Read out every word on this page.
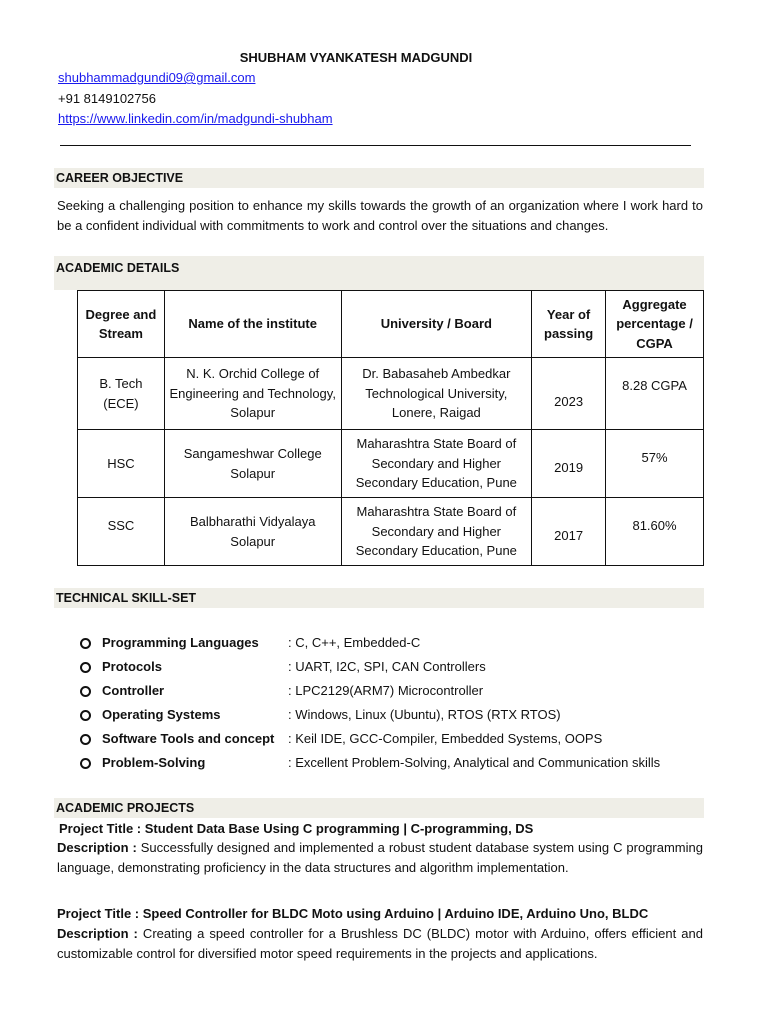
SHUBHAM VYANKATESH MADGUNDI
shubhammadgundi09@gmail.com
+91 8149102756
https://www.linkedin.com/in/madgundi-shubham
CAREER OBJECTIVE
Seeking a challenging position to enhance my skills towards the growth of an organization where I work hard to be a confident individual with commitments to work and control over the situations and changes.
ACADEMIC DETAILS
Degree and Stream	Name of the institute	University / Board	Year of passing	Aggregate percentage / CGPA
B. Tech (ECE)	N. K. Orchid College of Engineering and Technology, Solapur	Dr. Babasaheb Ambedkar Technological University, Lonere, Raigad	2023	8.28 CGPA
HSC	Sangameshwar College Solapur	Maharashtra State Board of Secondary and Higher Secondary Education, Pune	2019	57%
SSC	Balbharathi Vidyalaya Solapur	Maharashtra State Board of Secondary and Higher Secondary Education, Pune	2017	81.60%
TECHNICAL SKILL-SET
Programming Languages	: C, C++, Embedded-C
Protocols	: UART, I2C, SPI, CAN Controllers
Controller	: LPC2129(ARM7) Microcontroller
Operating Systems	: Windows, Linux (Ubuntu), RTOS (RTX RTOS)
Software Tools and concept	: Keil IDE, GCC-Compiler, Embedded Systems, OOPS
Problem-Solving	: Excellent Problem-Solving, Analytical and Communication skills
ACADEMIC PROJECTS
Project Title : Student Data Base Using C programming | C-programming, DS
Description : Successfully designed and implemented a robust student database system using C programming language, demonstrating proficiency in the data structures and algorithm implementation.
Project Title : Speed Controller for BLDC Moto using Arduino | Arduino IDE, Arduino Uno, BLDC
Description : Creating a speed controller for a Brushless DC (BLDC) motor with Arduino, offers efficient and customizable control for diversified motor speed requirements in the projects and applications.
